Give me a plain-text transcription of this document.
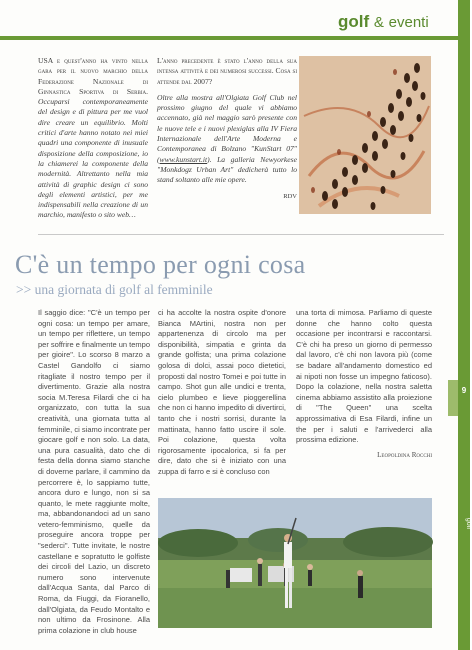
golf & eventi
9
golf

USA e quest'anno ha vinto nella gara per il nuovo marchio della Federazione Nazionale di Ginnastica Sportiva di Serbia. Occuparsi contemporaneamente del design e di pittura per me vuol dire creare un equilibrio. Molti critici d'arte hanno notato nei miei quadri una componente di inusuale disposizione della composizione, io la chiamerei la componente della modernità. Altrettanto nella mia attività di graphic design ci sono degli elementi artistici, per me indispensabili nella creazione di un marchio, manifesto o sito web…

L'anno precedente è stato l'anno della sua intensa attività e dei numerosi successi. Cosa si attende dal 2007?

Oltre alla mostra all'Olgiata Golf Club nel prossimo giugno del quale vi abbiamo accennato, già nel maggio sarò presente con le nuove tele e i nuovi plexiglas alla IV Fiera Internazionale dell'Arte Moderna e Contemporanea di Bolzano "KunStart 07" (www.kunstart.it). La galleria Newyorkese "Monkdogz Urban Art" dedicherà tutto lo stand soltanto alle mie opere.

RDV
C'è un tempo per ogni cosa
>> una giornata di golf al femminile

Il saggio dice: "C'è un tempo per ogni cosa: un tempo per amare, un tempo per riflettere, un tempo per soffrire e finalmente un tempo per gioire". Lo scorso 8 marzo a Castel Gandolfo ci siamo ritagliate il nostro tempo per il divertimento. Grazie alla nostra socia M.Teresa Filardi che ci ha organizzato, con tutta la sua creatività, una giornata tutta al femminile, ci siamo incontrate per giocare golf e non solo. La data, una pura casualità, dato che di festa della donna siamo stanche di doverne parlare, il cammino da percorrere è, lo sappiamo tutte, ancora duro e lungo, non si sa quanto, le mete raggiunte molte, ma, abbandonandoci ad un sano vetero-femminismo, quelle da proseguire ancora troppe per "sederci". Tutte invitate, le nostre castellane e sopratutto le golfiste dei circoli del Lazio, un discreto numero sono intervenute dall'Acqua Santa, dal Parco di Roma, da Fiuggi, da Fioranello, dall'Olgiata, da Feudo Montalto e non ultimo da Frosinone. Alla prima colazione in club house

ci ha accolte la nostra ospite d'onore Bianca MArtini, nostra non per appartenenza di circolo ma per disponibilità, simpatia e grinta da grande golfista; una prima colazione golosa di dolci, assai poco dietetici, proposti dal nostro Tomei e poi tutte in campo. Shot gun alle undici e trenta, cielo plumbeo e lieve pioggerellina che non ci hanno impedito di divertirci, tanto che i nostri sorrisi, durante la mattinata, hanno fatto uscire il sole. Poi colazione, questa volta rigorosamente ipocalorica, si fa per dire, dato che si è iniziato con una zuppa di farro e si è concluso con

una torta di mimosa. Parliamo di queste donne che hanno colto questa occasione per incontrarsi e raccontarsi. C'è chi ha preso un giorno di permesso dal lavoro, c'è chi non lavora più (come se badare all'andamento domestico ed ai nipoti non fosse un impegno faticoso). Dopo la colazione, nella nostra saletta cinema abbiamo assistito alla proiezione di "The Queen" una scelta approssimativa di Esa Filardi, infine un the per i saluti e l'arrivederci alla prossima edizione.

Leopoldina Rocchi
